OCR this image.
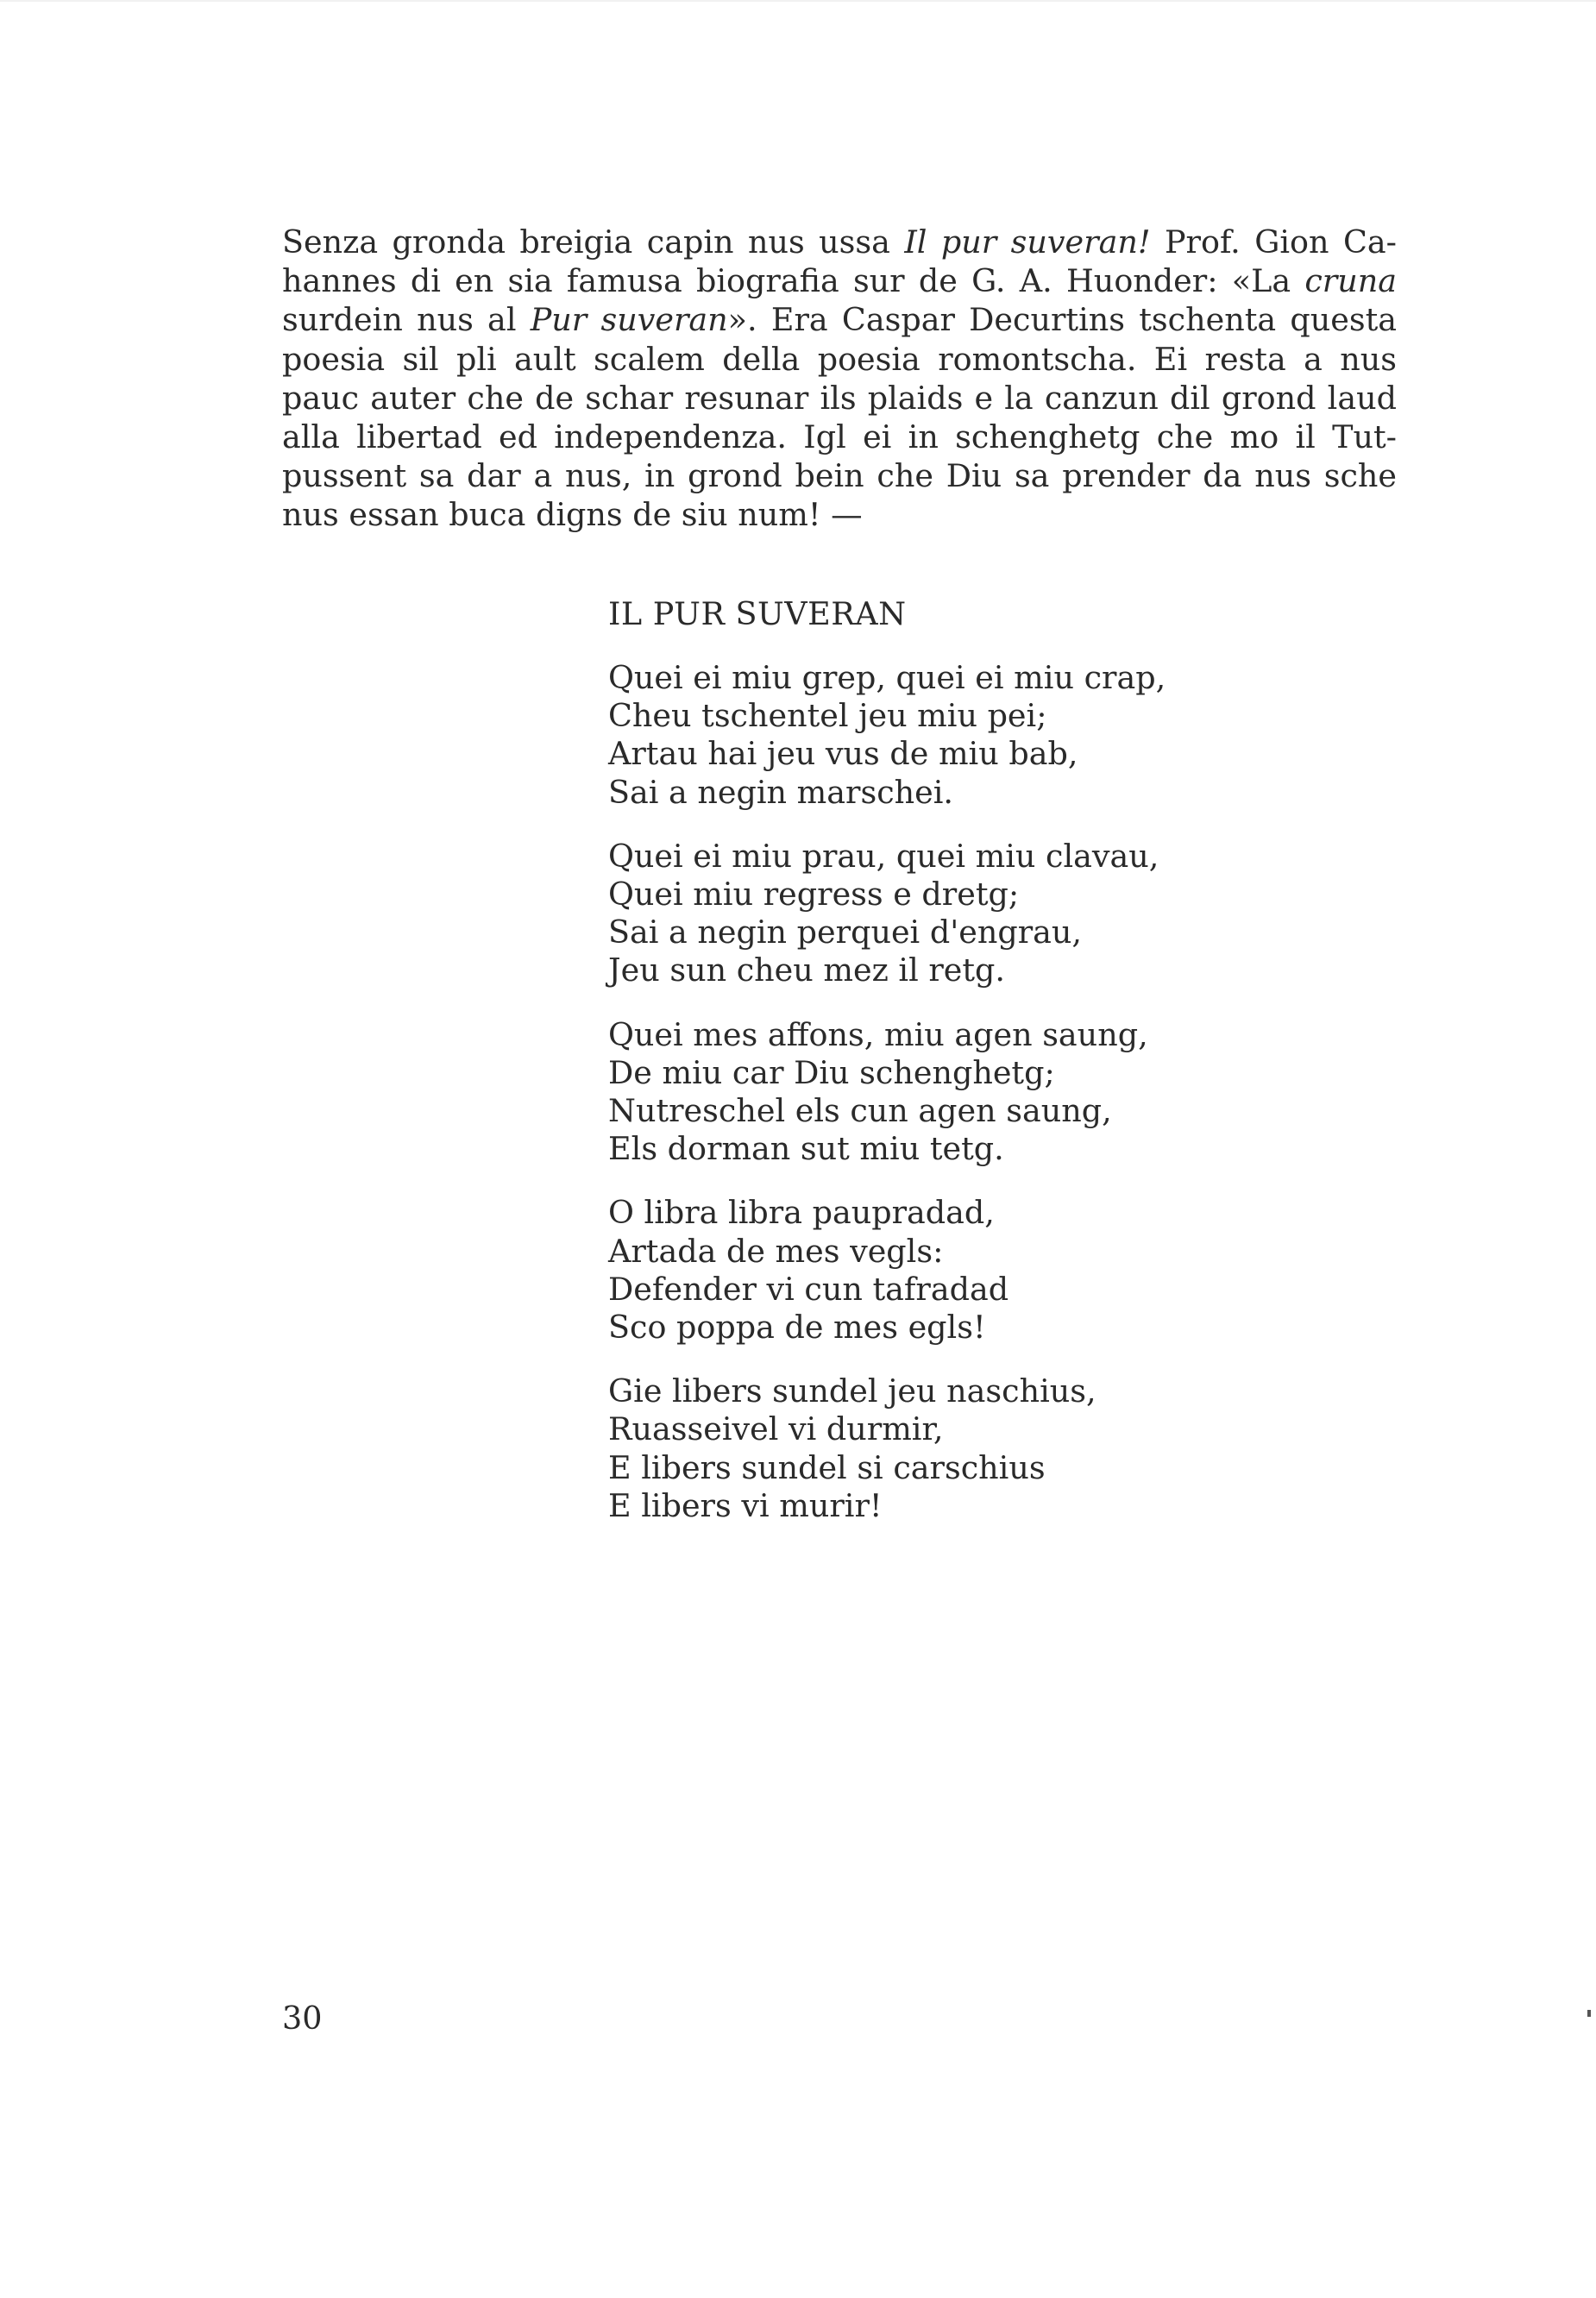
Senza gronda breigia capin nus ussa Il pur suveran! Prof. Gion Ca-
hannes di en sia famusa biografia sur de G. A. Huonder: «La cruna
surdein nus al Pur suveran». Era Caspar Decurtins tschenta questa
poesia sil pli ault scalem della poesia romontscha. Ei resta a nus
pauc auter che de schar resunar ils plaids e la canzun dil grond laud
alla libertad ed independenza. Igl ei in schenghetg che mo il Tut-
pussent sa dar a nus, in grond bein che Diu sa prender da nus sche
nus essan buca digns de siu num! —
IL PUR SUVERAN
Quei ei miu grep, quei ei miu crap,
Cheu tschentel jeu miu pei;
Artau hai jeu vus de miu bab,
Sai a negin marschei.
Quei ei miu prau, quei miu clavau,
Quei miu regress e dretg;
Sai a negin perquei d'engrau,
Jeu sun cheu mez il retg.
Quei mes affons, miu agen saung,
De miu car Diu schenghetg;
Nutreschel els cun agen saung,
Els dorman sut miu tetg.
O libra libra paupradad,
Artada de mes vegls:
Defender vi cun tafradad
Sco poppa de mes egls!
Gie libers sundel jeu naschius,
Ruasseivel vi durmir,
E libers sundel si carschius
E libers vi murir!
30
